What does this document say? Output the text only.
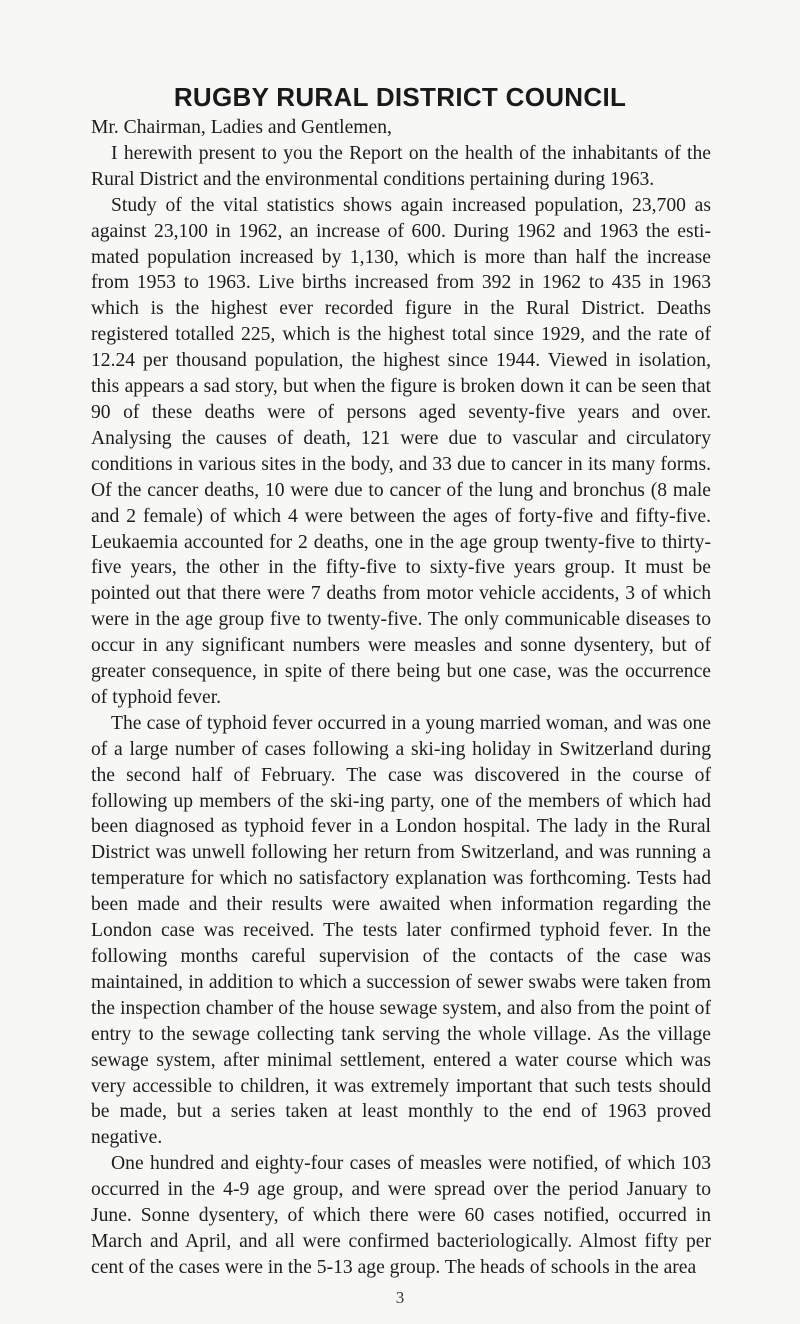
RUGBY RURAL DISTRICT COUNCIL

Mr. Chairman, Ladies and Gentlemen,

I herewith present to you the Report on the health of the inhabitants of the Rural District and the environmental conditions pertaining during 1963.

Study of the vital statistics shows again increased population, 23,700 as against 23,100 in 1962, an increase of 600. During 1962 and 1963 the estimated population increased by 1,130, which is more than half the increase from 1953 to 1963. Live births increased from 392 in 1962 to 435 in 1963 which is the highest ever recorded figure in the Rural District. Deaths registered totalled 225, which is the highest total since 1929, and the rate of 12.24 per thousand population, the highest since 1944. Viewed in isolation, this appears a sad story, but when the figure is broken down it can be seen that 90 of these deaths were of persons aged seventy-five years and over. Analysing the causes of death, 121 were due to vascular and circulatory conditions in various sites in the body, and 33 due to cancer in its many forms. Of the cancer deaths, 10 were due to cancer of the lung and bronchus (8 male and 2 female) of which 4 were between the ages of forty-five and fifty-five. Leukaemia accounted for 2 deaths, one in the age group twenty-five to thirty-five years, the other in the fifty-five to sixty-five years group. It must be pointed out that there were 7 deaths from motor vehicle accidents, 3 of which were in the age group five to twenty-five. The only communicable diseases to occur in any significant numbers were measles and sonne dysentery, but of greater consequence, in spite of there being but one case, was the occurrence of typhoid fever.

The case of typhoid fever occurred in a young married woman, and was one of a large number of cases following a ski-ing holiday in Switzerland during the second half of February. The case was discovered in the course of following up members of the ski-ing party, one of the members of which had been diagnosed as typhoid fever in a London hospital. The lady in the Rural District was unwell following her return from Switzerland, and was running a temperature for which no satisfactory explanation was forthcoming. Tests had been made and their results were awaited when information regarding the London case was received. The tests later confirmed typhoid fever. In the following months careful supervision of the contacts of the case was maintained, in addition to which a succession of sewer swabs were taken from the inspection chamber of the house sewage system, and also from the point of entry to the sewage collecting tank serving the whole village. As the village sewage system, after minimal settlement, entered a water course which was very accessible to children, it was extremely important that such tests should be made, but a series taken at least monthly to the end of 1963 proved negative.

One hundred and eighty-four cases of measles were notified, of which 103 occurred in the 4-9 age group, and were spread over the period January to June. Sonne dysentery, of which there were 60 cases notified, occurred in March and April, and all were confirmed bacteriologically. Almost fifty per cent of the cases were in the 5-13 age group. The heads of schools in the area

3
